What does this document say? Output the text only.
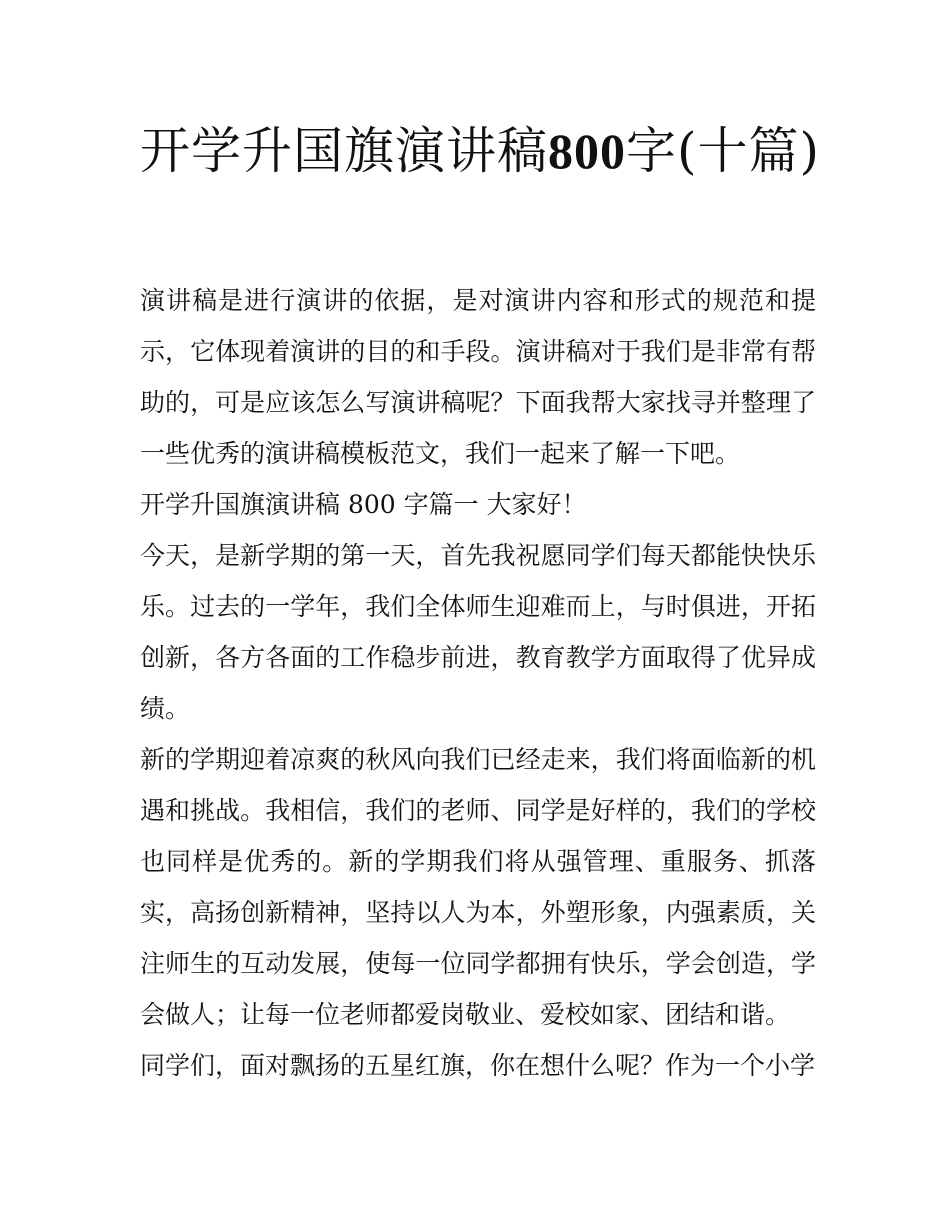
开学升国旗演讲稿800字(十篇)

演讲稿是进行演讲的依据，是对演讲内容和形式的规范和提示，它体现着演讲的目的和手段。演讲稿对于我们是非常有帮助的，可是应该怎么写演讲稿呢？下面我帮大家找寻并整理了一些优秀的演讲稿模板范文，我们一起来了解一下吧。

开学升国旗演讲稿 800 字篇一 大家好！

今天，是新学期的第一天，首先我祝愿同学们每天都能快快乐乐。过去的一学年，我们全体师生迎难而上，与时俱进，开拓创新，各方各面的工作稳步前进，教育教学方面取得了优异成绩。

新的学期迎着凉爽的秋风向我们已经走来，我们将面临新的机遇和挑战。我相信，我们的老师、同学是好样的，我们的学校也同样是优秀的。新的学期我们将从强管理、重服务、抓落实，高扬创新精神，坚持以人为本，外塑形象，内强素质，关注师生的互动发展，使每一位同学都拥有快乐，学会创造，学会做人；让每一位老师都爱岗敬业、爱校如家、团结和谐。

同学们，面对飘扬的五星红旗，你在想什么呢？作为一个小学
